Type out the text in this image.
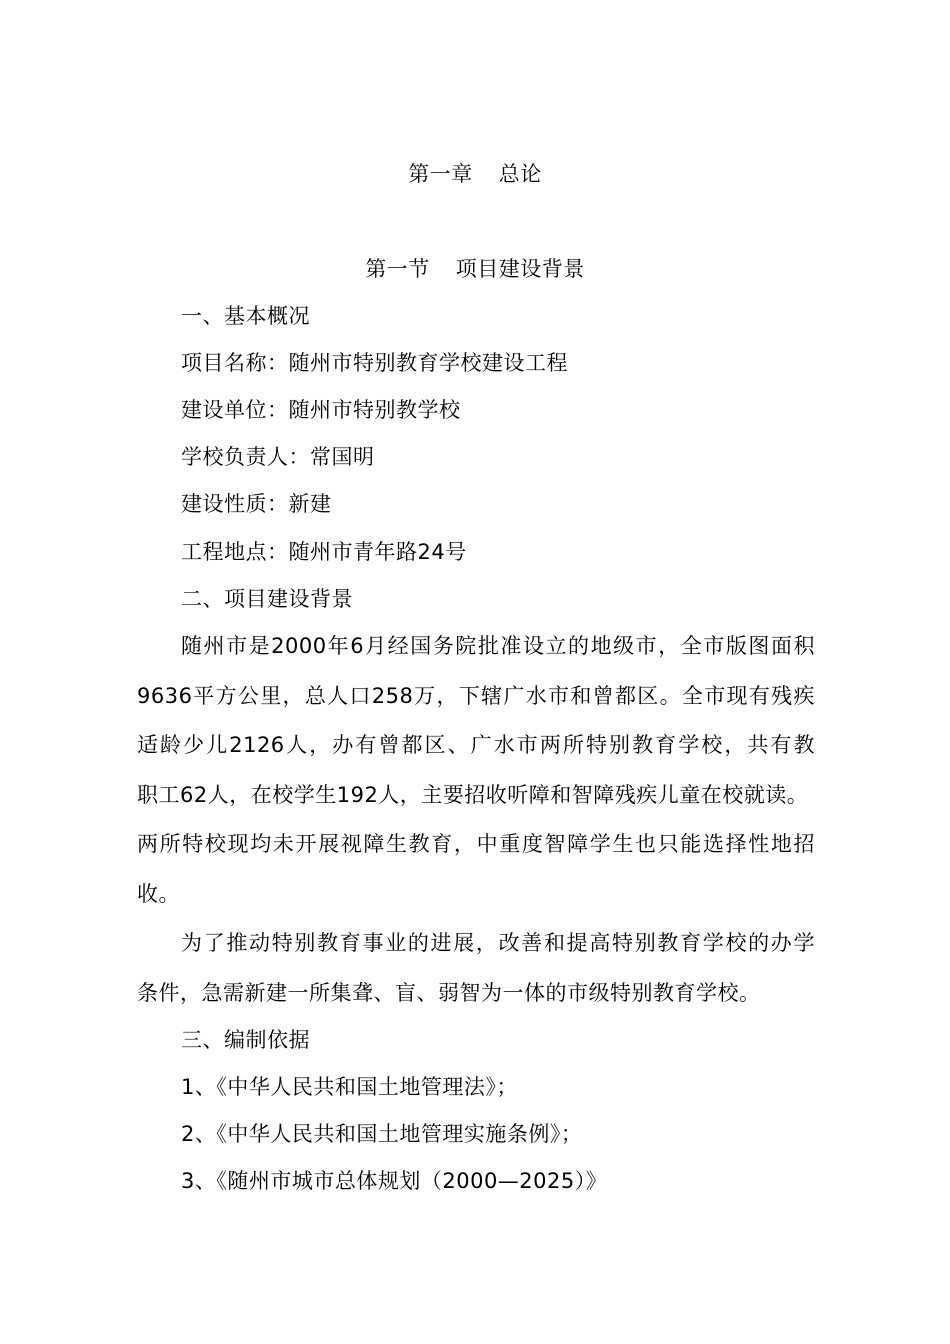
第一章 总论
第一节 项目建设背景
一、基本概况
项目名称：随州市特别教育学校建设工程
建设单位：随州市特别教学校
学校负责人：常国明
建设性质：新建
工程地点：随州市青年路24号
二、项目建设背景
随州市是2000年6月经国务院批准设立的地级市，全市版图面积
9636平方公里，总人口258万，下辖广水市和曾都区。全市现有残疾
适龄少儿2126人，办有曾都区、广水市两所特别教育学校，共有教
职工62人，在校学生192人，主要招收听障和智障残疾儿童在校就读。
两所特校现均未开展视障生教育，中重度智障学生也只能选择性地招
收。
为了推动特别教育事业的进展，改善和提高特别教育学校的办学
条件，急需新建一所集聋、盲、弱智为一体的市级特别教育学校。
三、编制依据
1、《中华人民共和国土地管理法》；
2、《中华人民共和国土地管理实施条例》；
3、《随州市城市总体规划（2000—2025）》
